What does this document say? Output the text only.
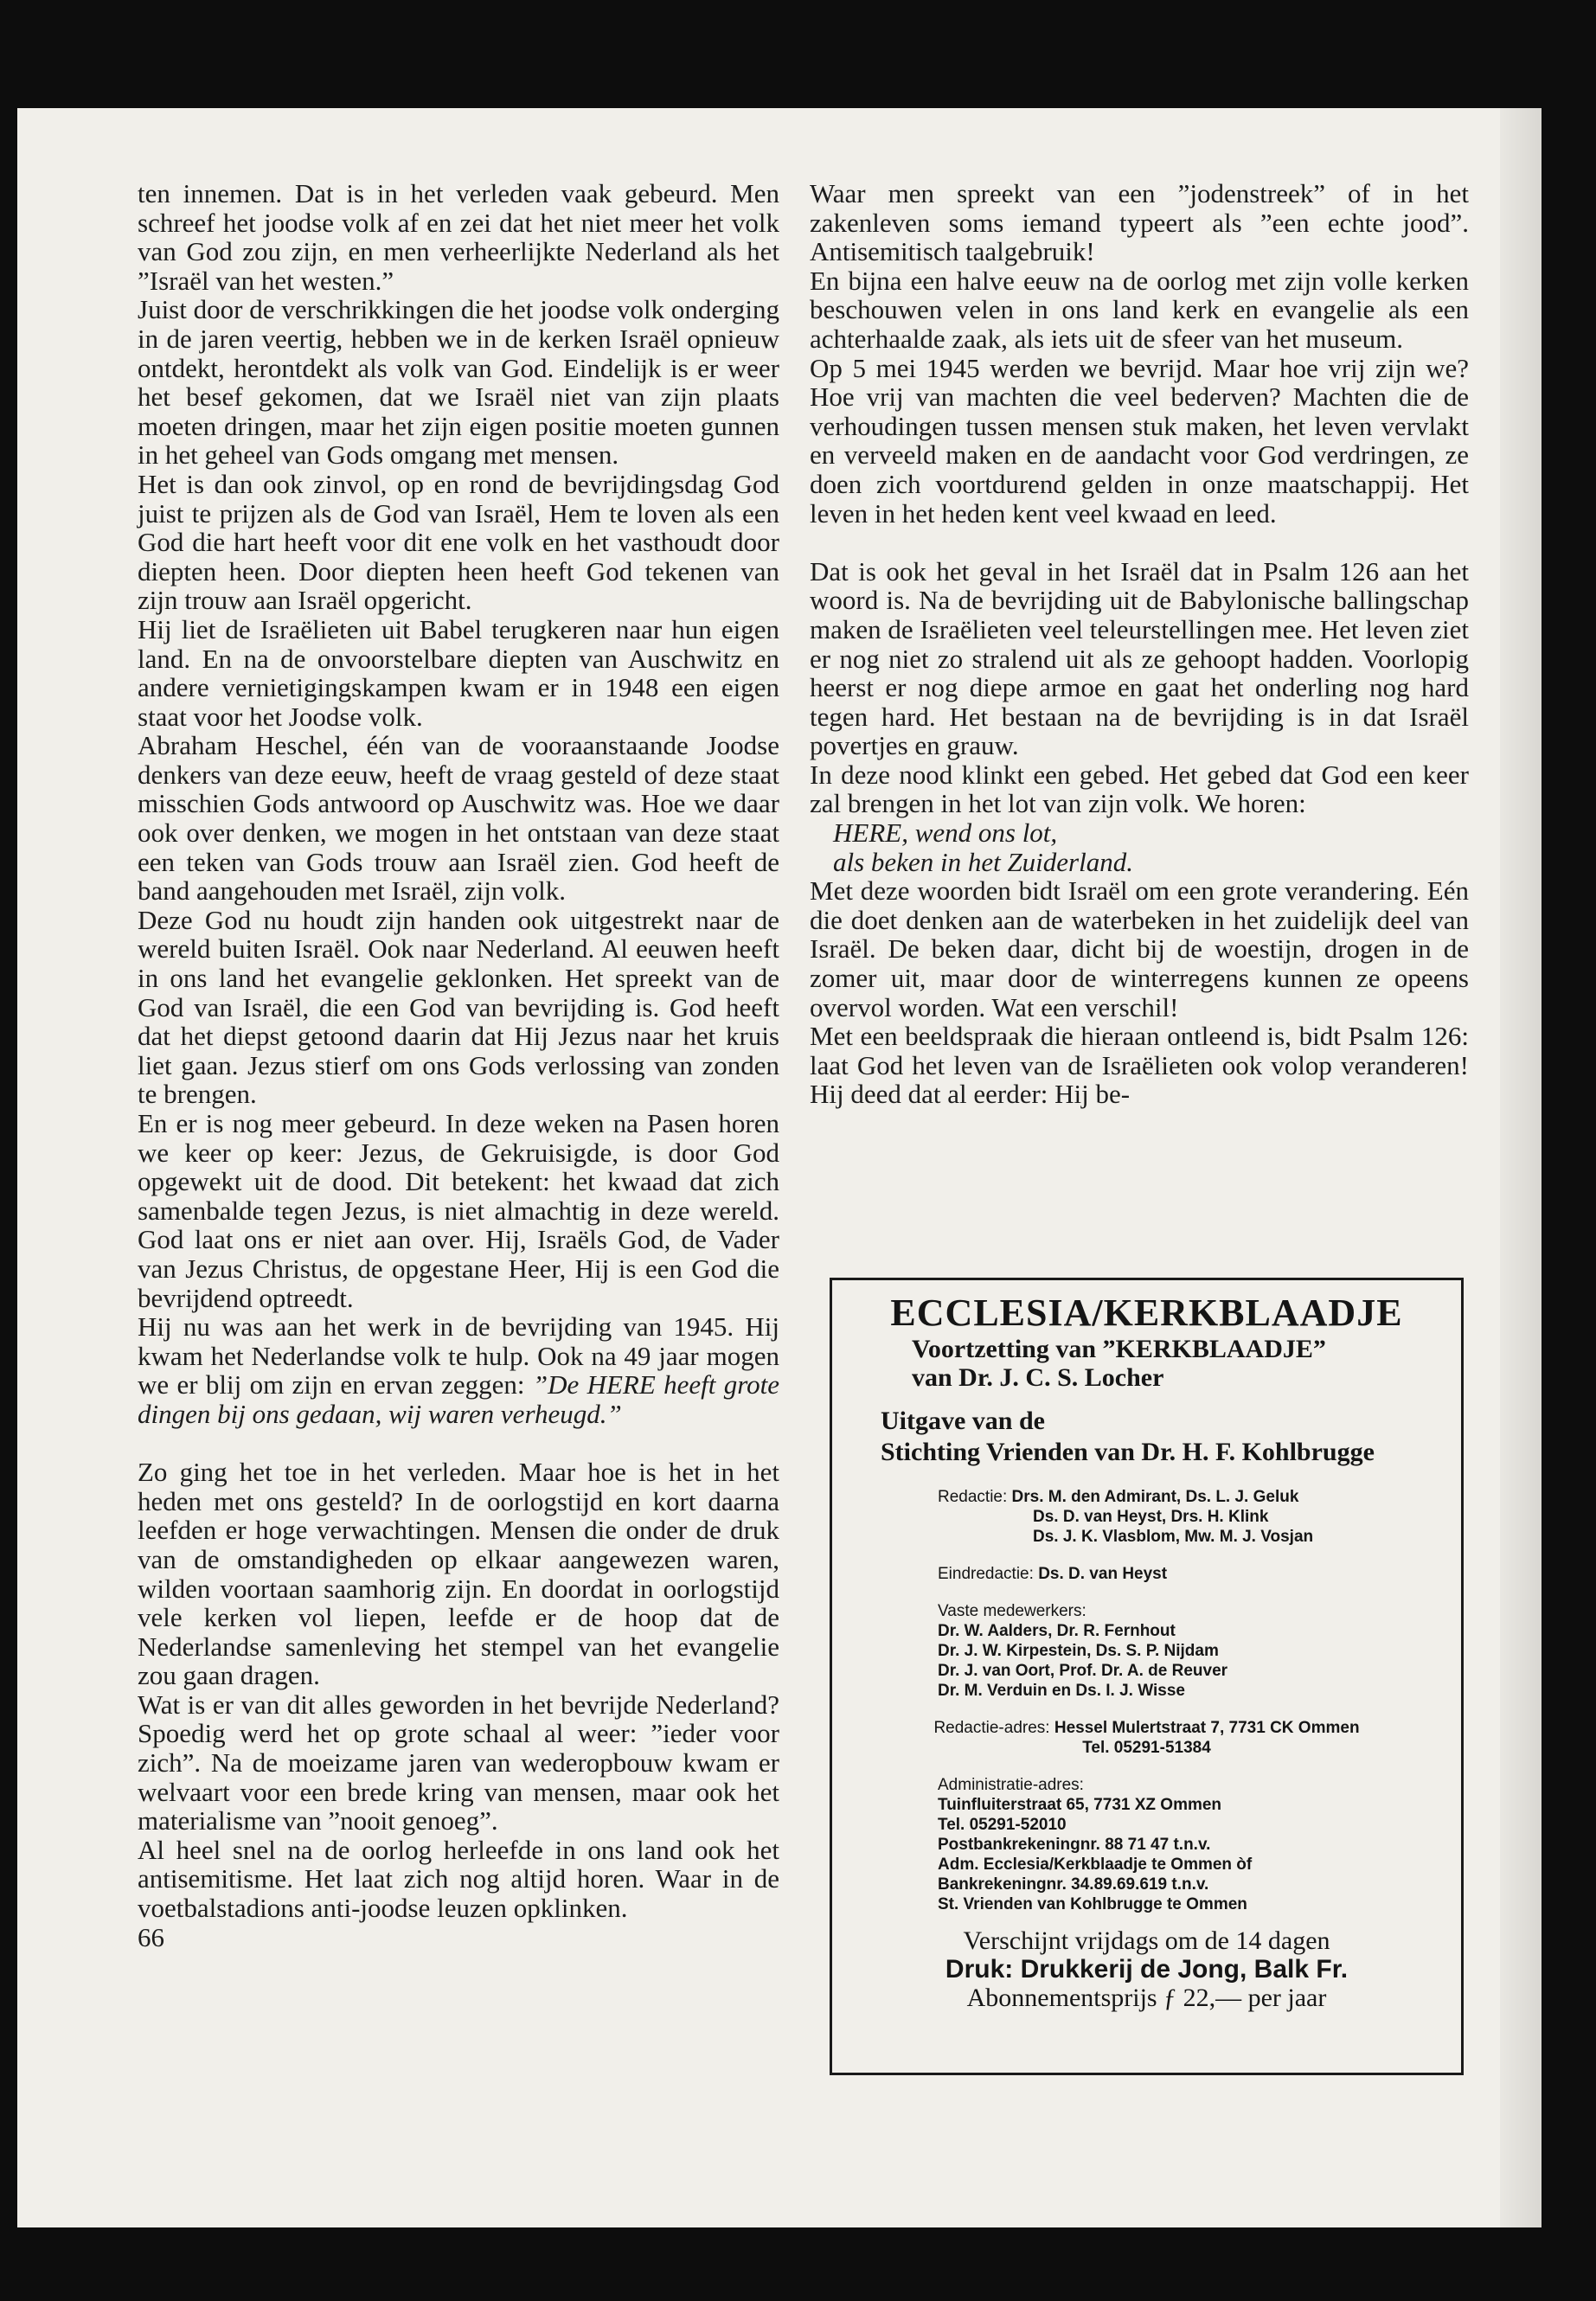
ten innemen. Dat is in het verleden vaak gebeurd. Men schreef het joodse volk af en zei dat het niet meer het volk van God zou zijn, en men verheerlijkte Nederland als het ”Israël van het westen.”

Juist door de verschrikkingen die het joodse volk onderging in de jaren veertig, hebben we in de kerken Israël opnieuw ontdekt, herontdekt als volk van God. Eindelijk is er weer het besef gekomen, dat we Israël niet van zijn plaats moeten dringen, maar het zijn eigen positie moeten gunnen in het geheel van Gods omgang met mensen.

Het is dan ook zinvol, op en rond de bevrijdingsdag God juist te prijzen als de God van Israël, Hem te loven als een God die hart heeft voor dit ene volk en het vasthoudt door diepten heen. Door diepten heen heeft God tekenen van zijn trouw aan Israël opgericht.

Hij liet de Israëlieten uit Babel terugkeren naar hun eigen land. En na de onvoorstelbare diepten van Auschwitz en andere vernietigingskampen kwam er in 1948 een eigen staat voor het Joodse volk.

Abraham Heschel, één van de vooraanstaande Joodse denkers van deze eeuw, heeft de vraag gesteld of deze staat misschien Gods antwoord op Auschwitz was. Hoe we daar ook over denken, we mogen in het ontstaan van deze staat een teken van Gods trouw aan Israël zien. God heeft de band aangehouden met Israël, zijn volk.

Deze God nu houdt zijn handen ook uitgestrekt naar de wereld buiten Israël. Ook naar Nederland. Al eeuwen heeft in ons land het evangelie geklonken. Het spreekt van de God van Israël, die een God van bevrijding is. God heeft dat het diepst getoond daarin dat Hij Jezus naar het kruis liet gaan. Jezus stierf om ons Gods verlossing van zonden te brengen.

En er is nog meer gebeurd. In deze weken na Pasen horen we keer op keer: Jezus, de Gekruisigde, is door God opgewekt uit de dood. Dit betekent: het kwaad dat zich samenbalde tegen Jezus, is niet almachtig in deze wereld. God laat ons er niet aan over. Hij, Israëls God, de Vader van Jezus Christus, de opgestane Heer, Hij is een God die bevrijdend optreedt.

Hij nu was aan het werk in de bevrijding van 1945. Hij kwam het Nederlandse volk te hulp. Ook na 49 jaar mogen we er blij om zijn en ervan zeggen: ”De HERE heeft grote dingen bij ons gedaan, wij waren verheugd.”

Zo ging het toe in het verleden. Maar hoe is het in het heden met ons gesteld? In de oorlogstijd en kort daarna leefden er hoge verwachtingen. Mensen die onder de druk van de omstandigheden op elkaar aangewezen waren, wilden voortaan saamhorig zijn. En doordat in oorlogstijd vele kerken vol liepen, leefde er de hoop dat de Nederlandse samenleving het stempel van het evangelie zou gaan dragen.

Wat is er van dit alles geworden in het bevrijde Nederland? Spoedig werd het op grote schaal al weer: ”ieder voor zich”. Na de moeizame jaren van wederopbouw kwam er welvaart voor een brede kring van mensen, maar ook het materialisme van ”nooit genoeg”.

Al heel snel na de oorlog herleefde in ons land ook het antisemitisme. Het laat zich nog altijd horen. Waar in de voetbalstadions anti-joodse leuzen opklinken.

66

Waar men spreekt van een ”jodenstreek” of in het zakenleven soms iemand typeert als ”een echte jood”. Antisemitisch taalgebruik!

En bijna een halve eeuw na de oorlog met zijn volle kerken beschouwen velen in ons land kerk en evangelie als een achterhaalde zaak, als iets uit de sfeer van het museum.

Op 5 mei 1945 werden we bevrijd. Maar hoe vrij zijn we? Hoe vrij van machten die veel bederven? Machten die de verhoudingen tussen mensen stuk maken, het leven vervlakt en verveeld maken en de aandacht voor God verdringen, ze doen zich voortdurend gelden in onze maatschappij. Het leven in het heden kent veel kwaad en leed.

Dat is ook het geval in het Israël dat in Psalm 126 aan het woord is. Na de bevrijding uit de Babylonische ballingschap maken de Israëlieten veel teleurstellingen mee. Het leven ziet er nog niet zo stralend uit als ze gehoopt hadden. Voorlopig heerst er nog diepe armoe en gaat het onderling nog hard tegen hard. Het bestaan na de bevrijding is in dat Israël povertjes en grauw.

In deze nood klinkt een gebed. Het gebed dat God een keer zal brengen in het lot van zijn volk. We horen:

HERE, wend ons lot,

als beken in het Zuiderland.

Met deze woorden bidt Israël om een grote verandering. Eén die doet denken aan de waterbeken in het zuidelijk deel van Israël. De beken daar, dicht bij de woestijn, drogen in de zomer uit, maar door de winterregens kunnen ze opeens overvol worden. Wat een verschil!

Met een beeldspraak die hieraan ontleend is, bidt Psalm 126: laat God het leven van de Israëlieten ook volop veranderen! Hij deed dat al eerder: Hij be-

ECCLESIA/KERKBLAADJE
Voortzetting van ”KERKBLAADJE”
van Dr. J. C. S. Locher
Uitgave van de
Stichting Vrienden van Dr. H. F. Kohlbrugge
Redactie: Drs. M. den Admirant, Ds. L. J. Geluk
Ds. D. van Heyst, Drs. H. Klink
Ds. J. K. Vlasblom, Mw. M. J. Vosjan
Eindredactie: Ds. D. van Heyst
Vaste medewerkers:
Dr. W. Aalders, Dr. R. Fernhout
Dr. J. W. Kirpestein, Ds. S. P. Nijdam
Dr. J. van Oort, Prof. Dr. A. de Reuver
Dr. M. Verduin en Ds. I. J. Wisse
Redactie-adres: Hessel Mulertstraat 7, 7731 CK Ommen
Tel. 05291-51384
Administratie-adres:
Tuinfluiterstraat 65, 7731 XZ Ommen
Tel. 05291-52010
Postbankrekeningnr. 88 71 47 t.n.v.
Adm. Ecclesia/Kerkblaadje te Ommen òf
Bankrekeningnr. 34.89.69.619 t.n.v.
St. Vrienden van Kohlbrugge te Ommen
Verschijnt vrijdags om de 14 dagen
Druk: Drukkerij de Jong, Balk Fr.
Abonnementsprijs ƒ 22,— per jaar
